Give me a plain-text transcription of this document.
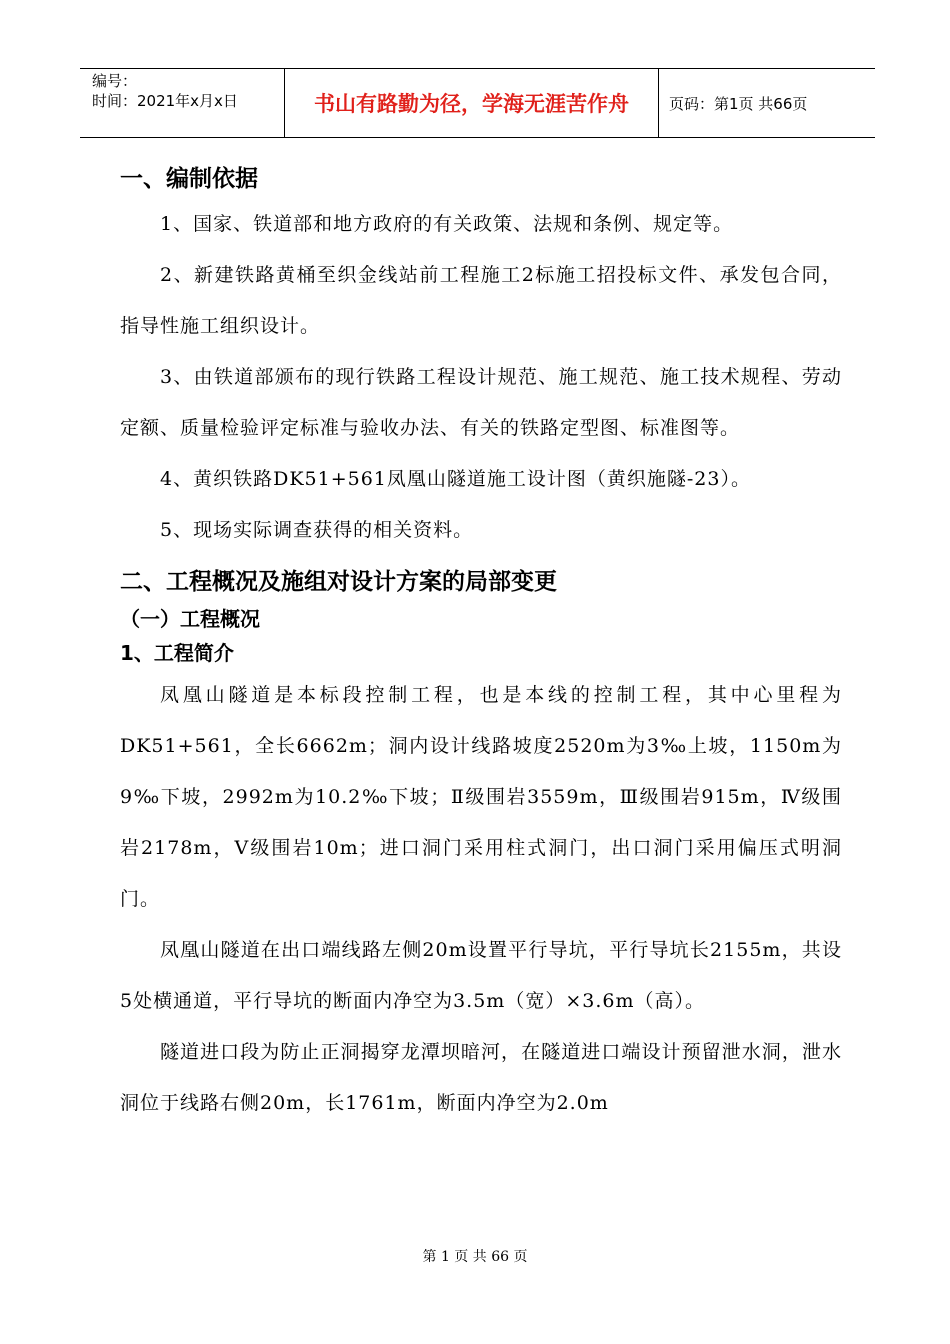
编号：
时间：2021年x月x日	书山有路勤为径，学海无涯苦作舟	页码：第1页 共66页
一、编制依据

1、国家、铁道部和地方政府的有关政策、法规和条例、规定等。

2、新建铁路黄桶至织金线站前工程施工2标施工招投标文件、承发包合同，指导性施工组织设计。

3、由铁道部颁布的现行铁路工程设计规范、施工规范、施工技术规程、劳动定额、质量检验评定标准与验收办法、有关的铁路定型图、标准图等。

4、黄织铁路DK51+561凤凰山隧道施工设计图（黄织施隧-23）。

5、现场实际调查获得的相关资料。

二、工程概况及施组对设计方案的局部变更
（一）工程概况
1、工程简介

凤凰山隧道是本标段控制工程，也是本线的控制工程，其中心里程为DK51+561，全长6662m；洞内设计线路坡度2520m为3‰上坡，1150m为9‰下坡，2992m为10.2‰下坡；Ⅱ级围岩3559m，Ⅲ级围岩915m，Ⅳ级围岩2178m，Ⅴ级围岩10m；进口洞门采用柱式洞门，出口洞门采用偏压式明洞门。

凤凰山隧道在出口端线路左侧20m设置平行导坑，平行导坑长2155m，共设5处横通道，平行导坑的断面内净空为3.5m（宽）×3.6m（高）。

隧道进口段为防止正洞揭穿龙潭坝暗河，在隧道进口端设计预留泄水洞，泄水洞位于线路右侧20m，长1761m，断面内净空为2.0m

第 1 页 共 66 页
